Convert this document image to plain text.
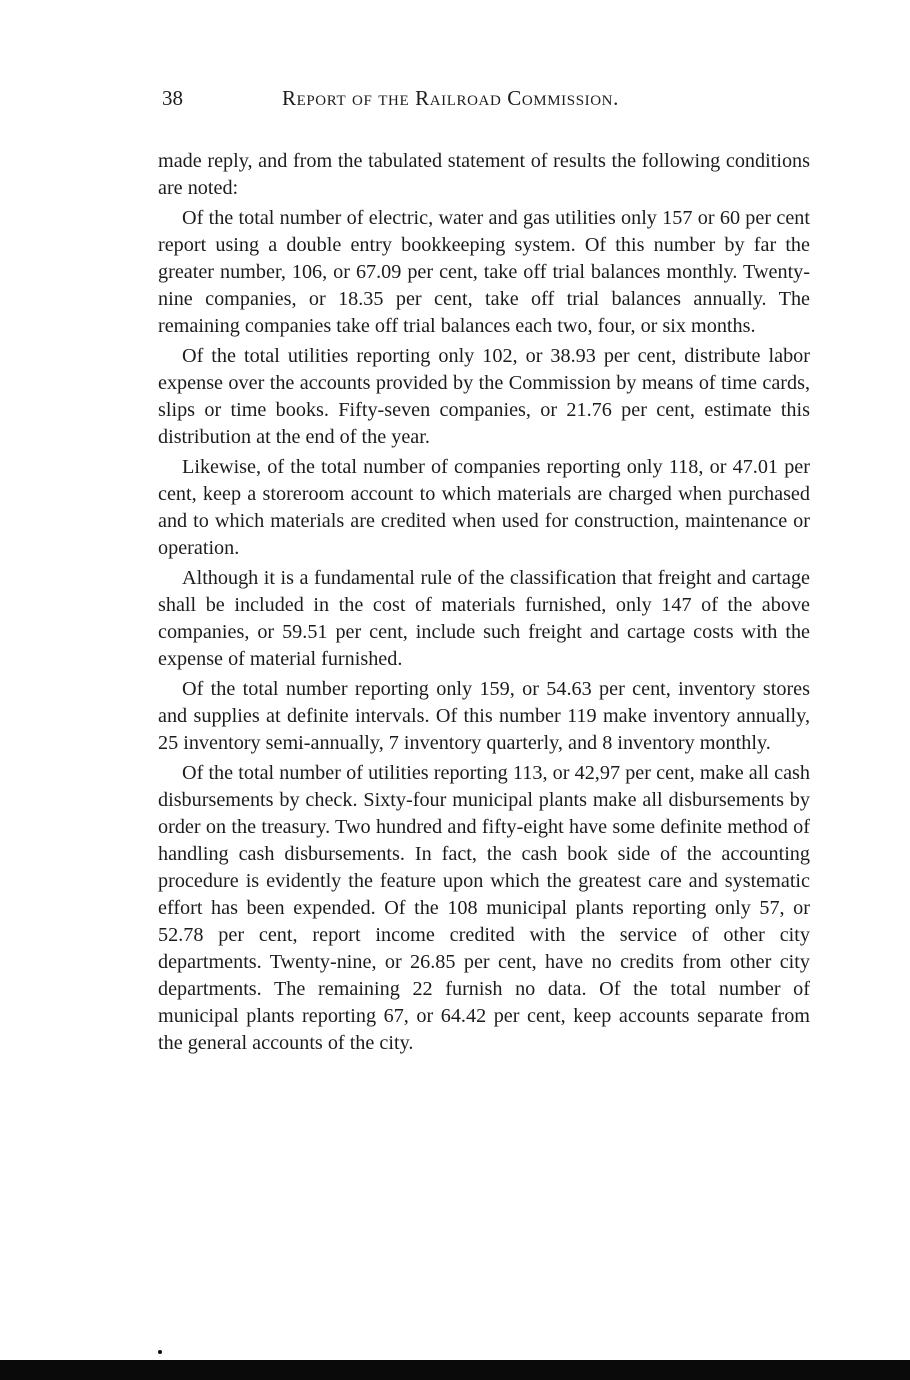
38	Report of the Railroad Commission.

made reply, and from the tabulated statement of results the following conditions are noted:

Of the total number of electric, water and gas utilities only 157 or 60 per cent report using a double entry bookkeeping system. Of this number by far the greater number, 106, or 67.09 per cent, take off trial balances monthly. Twenty-nine companies, or 18.35 per cent, take off trial balances annually. The remaining companies take off trial balances each two, four, or six months.

Of the total utilities reporting only 102, or 38.93 per cent, distribute labor expense over the accounts provided by the Commission by means of time cards, slips or time books. Fifty-seven companies, or 21.76 per cent, estimate this distribution at the end of the year.

Likewise, of the total number of companies reporting only 118, or 47.01 per cent, keep a storeroom account to which materials are charged when purchased and to which materials are credited when used for construction, maintenance or operation.

Although it is a fundamental rule of the classification that freight and cartage shall be included in the cost of materials furnished, only 147 of the above companies, or 59.51 per cent, include such freight and cartage costs with the expense of material furnished.

Of the total number reporting only 159, or 54.63 per cent, inventory stores and supplies at definite intervals. Of this number 119 make inventory annually, 25 inventory semi-annually, 7 inventory quarterly, and 8 inventory monthly.

Of the total number of utilities reporting 113, or 42,97 per cent, make all cash disbursements by check. Sixty-four municipal plants make all disbursements by order on the treasury. Two hundred and fifty-eight have some definite method of handling cash disbursements. In fact, the cash book side of the accounting procedure is evidently the feature upon which the greatest care and systematic effort has been expended. Of the 108 municipal plants reporting only 57, or 52.78 per cent, report income credited with the service of other city departments. Twenty-nine, or 26.85 per cent, have no credits from other city departments. The remaining 22 furnish no data. Of the total number of municipal plants reporting 67, or 64.42 per cent, keep accounts separate from the general accounts of the city.
